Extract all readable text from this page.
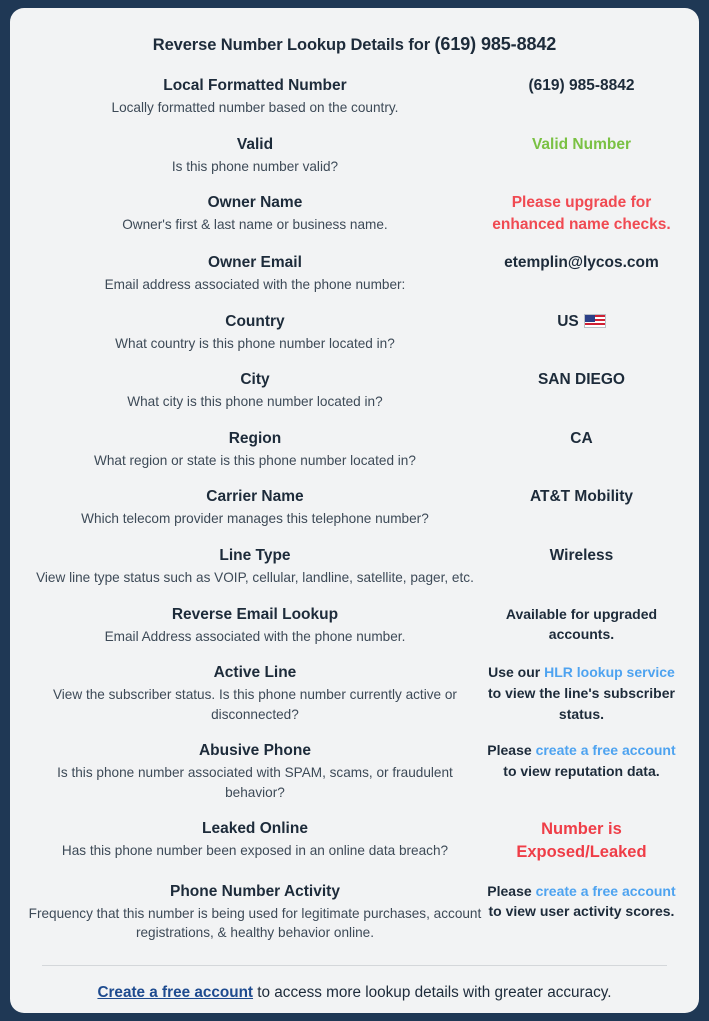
Reverse Number Lookup Details for (619) 985-8842
Local Formatted Number
Locally formatted number based on the country.	(619) 985-8842

Valid
Is this phone number valid?	Valid Number

Owner Name
Owner's first & last name or business name.	Please upgrade for enhanced name checks.

Owner Email
Email address associated with the phone number:	etemplin@lycos.com

Country
What country is this phone number located in?	US

City
What city is this phone number located in?	SAN DIEGO

Region
What region or state is this phone number located in?	CA

Carrier Name
Which telecom provider manages this telephone number?	AT&T Mobility

Line Type
View line type status such as VOIP, cellular, landline, satellite, pager, etc.	Wireless

Reverse Email Lookup
Email Address associated with the phone number.	Available for upgraded accounts.

Active Line
View the subscriber status. Is this phone number currently active or disconnected?	Use our HLR lookup service to view the line's subscriber status.

Abusive Phone
Is this phone number associated with SPAM, scams, or fraudulent behavior?	Please create a free account to view reputation data.

Leaked Online
Has this phone number been exposed in an online data breach?	Number is Exposed/Leaked

Phone Number Activity
Frequency that this number is being used for legitimate purchases, account registrations, & healthy behavior online.	Please create a free account to view user activity scores.
Create a free account to access more lookup details with greater accuracy.
